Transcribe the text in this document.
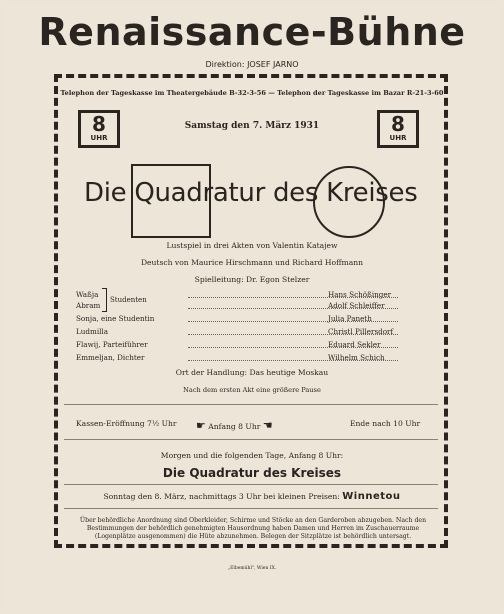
Renaissance-Bühne
Direktion: JOSEF JARNO
Telephon der Tageskasse im Theatergebäude B-32-3-56 — Telephon der Tageskasse im Bazar R-21-3-60
8
UHR
8
UHR
Samstag den 7. März 1931
Die Quadratur des Kreises
Lustspiel in drei Akten von Valentin Katajew
Deutsch von Maurice Hirschmann und Richard Hoffmann
Spielleitung: Dr. Egon Stelzer
Waßja	Hans Schößinger
Studenten
Abram	Adolf Schleiffer
Sonja, eine Studentin	Julia Paneth
Ludmilla	Christl Pillersdorf
Flawij, Parteiführer	Eduard Sekler
Emmeljan, Dichter	Wilhelm Schich
Ort der Handlung: Das heutige Moskau
Nach dem ersten Akt eine größere Pause
Kassen-Eröffnung 7½ Uhr ☛ Anfang 8 Uhr ☚	Ende nach 10 Uhr
Morgen und die folgenden Tage, Anfang 8 Uhr:
Die Quadratur des Kreises
Sonntag den 8. März, nachmittags 3 Uhr bei kleinen Preisen: Winnetou
Über behördliche Anordnung sind Oberkleider, Schirme und Stöcke an den Garderoben abzugeben. Nach den Bestimmungen der behördlich genehmigten Hausordnung haben Damen und Herren im Zuschauerraume (Logenplätze ausgenommen) die Hüte abzunehmen. Belegen der Sitzplätze ist behördlich untersagt.
„Elbemühl", Wien IX.
